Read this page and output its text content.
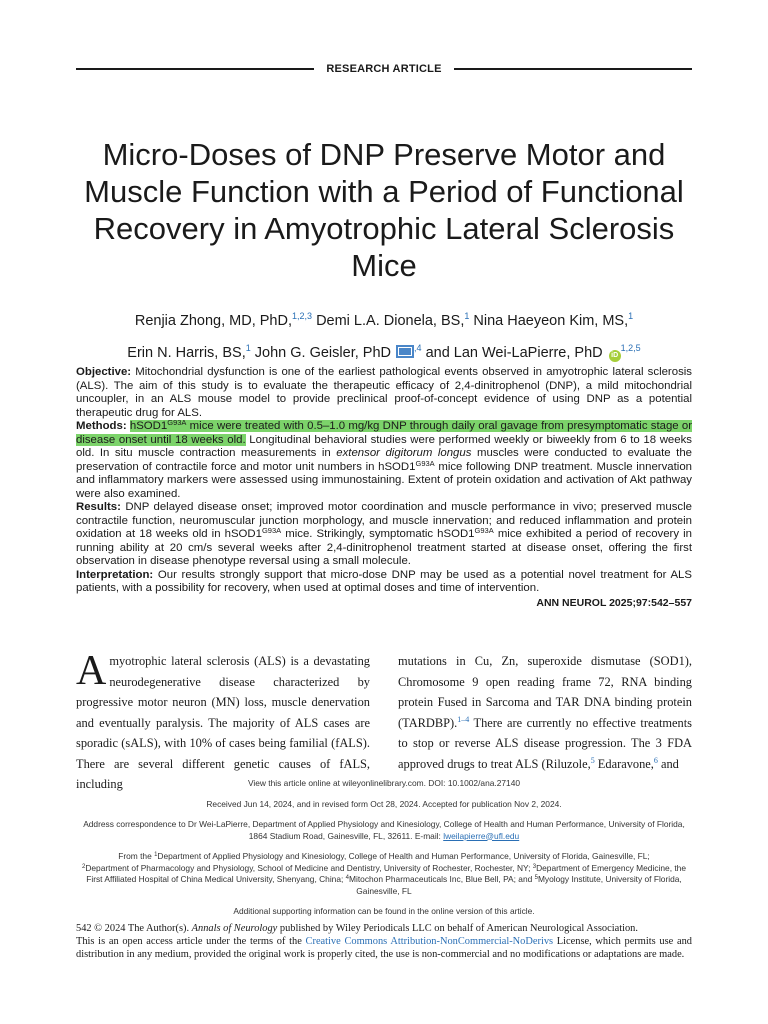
RESEARCH ARTICLE
Micro-Doses of DNP Preserve Motor and Muscle Function with a Period of Functional Recovery in Amyotrophic Lateral Sclerosis Mice
Renjia Zhong, MD, PhD,$^{1,2,3}$ Demi L.A. Dionela, BS,$^1$ Nina Haeyeon Kim, MS,$^1$
Erin N. Harris, BS,$^1$ John G. Geisler, PhD	$^{,4}$ and Lan Wei-LaPierre, PhD iD$^{1,2,5}$

Objective: Mitochondrial dysfunction is one of the earliest pathological events observed in amyotrophic lateral sclerosis (ALS). The aim of this study is to evaluate the therapeutic efficacy of 2,4-dinitrophenol (DNP), a mild mitochondrial uncoupler, in an ALS mouse model to provide preclinical proof-of-concept evidence of using DNP as a potential therapeutic drug for ALS.

Methods: $hSOD1^{G93A}$ mice were treated with 0.5–1.0 mg/kg DNP through daily oral gavage from presymptomatic stage or disease onset until 18 weeks old. Longitudinal behavioral studies were performed weekly or biweekly from 6 to 18 weeks old. In situ muscle contraction measurements in extensor digitorum longus muscles were conducted to evaluate the preservation of contractile force and motor unit numbers in $hSOD1^{G93A}$ mice following DNP treatment. Muscle innervation and inflammatory markers were assessed using immunostaining. Extent of protein oxidation and activation of Akt pathway were also examined.

Results: DNP delayed disease onset; improved motor coordination and muscle performance in vivo; preserved muscle contractile function, neuromuscular junction morphology, and muscle innervation; and reduced inflammation and protein oxidation at 18 weeks old in $hSOD1^{G93A}$ mice. Strikingly, symptomatic $hSOD1^{G93A}$ mice exhibited a period of recovery in running ability at 20 cm/s several weeks after 2,4-dinitrophenol treatment started at disease onset, offering the first observation in disease phenotype reversal using a small molecule.

Interpretation: Our results strongly support that micro-dose DNP may be used as a potential novel treatment for ALS patients, with a possibility for recovery, when used at optimal doses and time of intervention.

ANN NEUROL 2025;97:542–557

Amyotrophic lateral sclerosis (ALS) is a devastating neurodegenerative disease characterized by progressive motor neuron (MN) loss, muscle denervation and eventually paralysis. The majority of ALS cases are sporadic (sALS), with 10% of cases being familial (fALS). There are several different genetic causes of fALS, including

mutations in Cu, Zn, superoxide dismutase (SOD1), Chromosome 9 open reading frame 72, RNA binding protein Fused in Sarcoma and TAR DNA binding protein (TARDBP).$^{1-4}$ There are currently no effective treatments to stop or reverse ALS disease progression. The 3 FDA approved drugs to treat ALS (Riluzole,$^5$ Edaravone,$^6$ and

View this article online at wileyonlinelibrary.com. DOI: 10.1002/ana.27140

Received Jun 14, 2024, and in revised form Oct 28, 2024. Accepted for publication Nov 2, 2024.

Address correspondence to Dr Wei-LaPierre, Department of Applied Physiology and Kinesiology, College of Health and Human Performance, University of Florida, 1864 Stadium Road, Gainesville, FL, 32611. E-mail: lweilapierre@ufl.edu

From the $^1$Department of Applied Physiology and Kinesiology, College of Health and Human Performance, University of Florida, Gainesville, FL;
$^2$Department of Pharmacology and Physiology, School of Medicine and Dentistry, University of Rochester, Rochester, NY; $^3$Department of Emergency Medicine, the First Affiliated Hospital of China Medical University, Shenyang, China; $^4$Mitochon Pharmaceuticals Inc, Blue Bell, PA; and $^5$Myology Institute, University of Florida, Gainesville, FL

Additional supporting information can be found in the online version of this article.

542 © 2024 The Author(s). Annals of Neurology published by Wiley Periodicals LLC on behalf of American Neurological Association.

This is an open access article under the terms of the Creative Commons Attribution-NonCommercial-NoDerivs License, which permits use and distribution in any medium, provided the original work is properly cited, the use is non-commercial and no modifications or adaptations are made.
